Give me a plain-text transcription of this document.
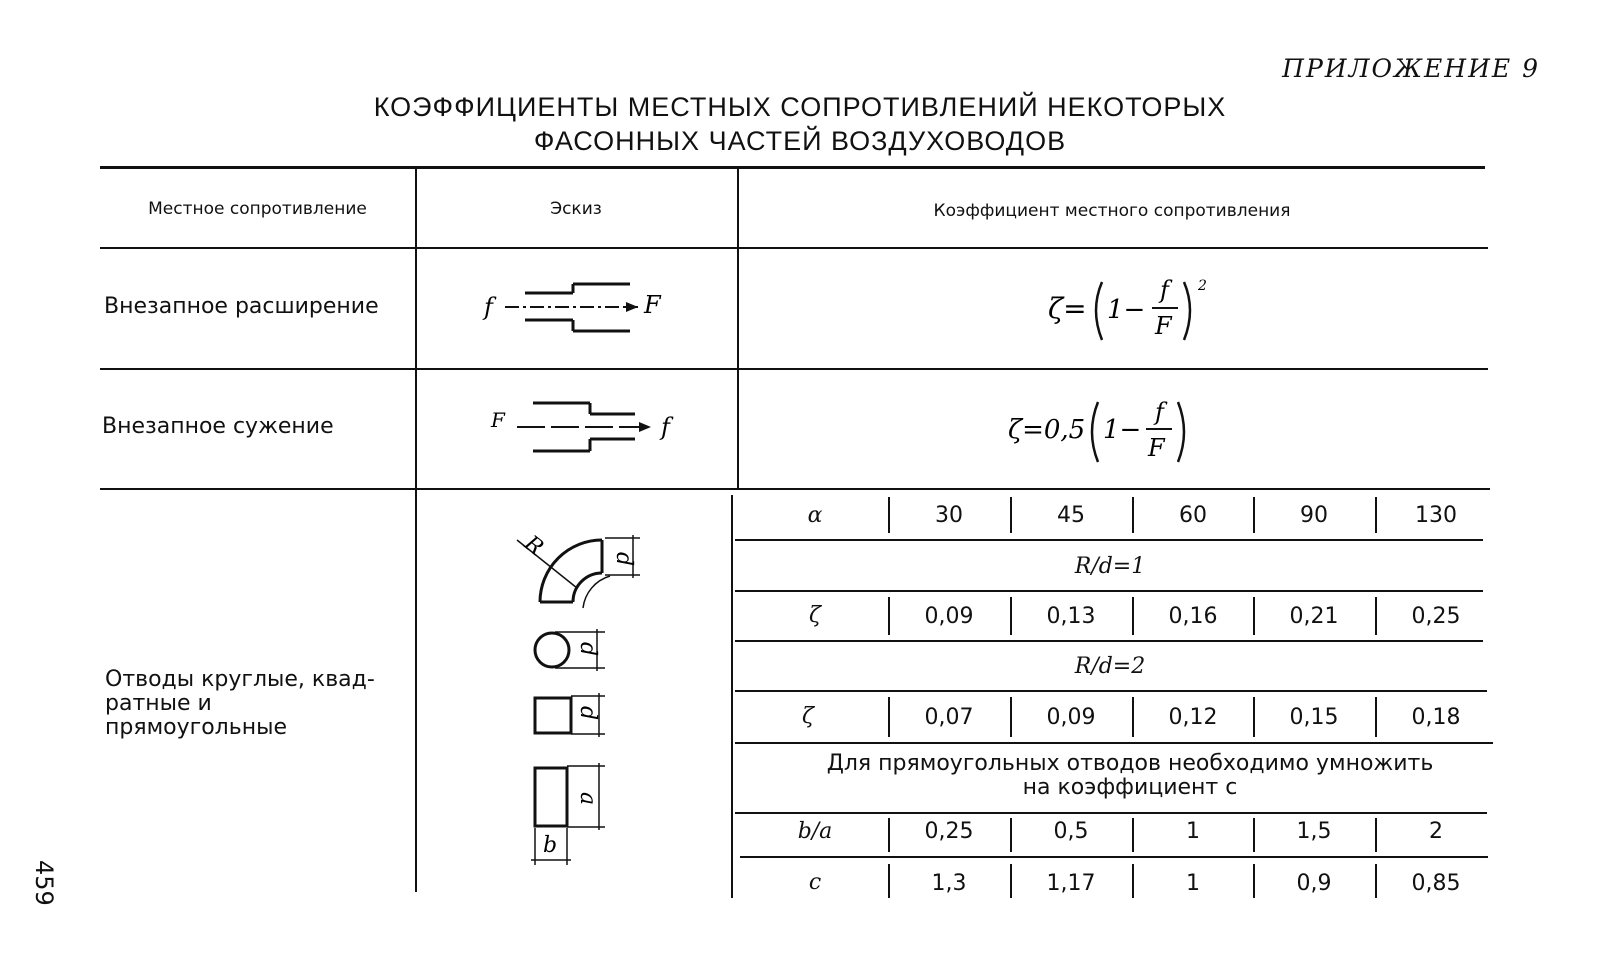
ПРИЛОЖЕНИЕ 9
КОЭФФИЦИЕНТЫ МЕСТНЫХ СОПРОТИВЛЕНИЙ НЕКОТОРЫХ
ФАСОННЫХ ЧАСТЕЙ ВОЗДУХОВОДОВ
Местное сопротивление	Эскиз	Коэффициент местного сопротивления
Внезапное расширение	f	F	ζ= 1−
f
F
2
Внезапное сужение	F	f	ζ=0,5 1−
f
F
Отводы круглые, квад-
ратные и прямоугольные
R	d
d
d
a
b
α	30	45	60	90	130
R/d=1
ζ	0,09	0,13	0,16	0,21	0,25
R/d=2
ζ	0,07	0,09	0,12	0,15	0,18
Для прямоугольных отводов необходимо умножить
на коэффициент с
b/a	0,25	0,5	1	1,5	2
c	1,3	1,17	1	0,9	0,85
459
